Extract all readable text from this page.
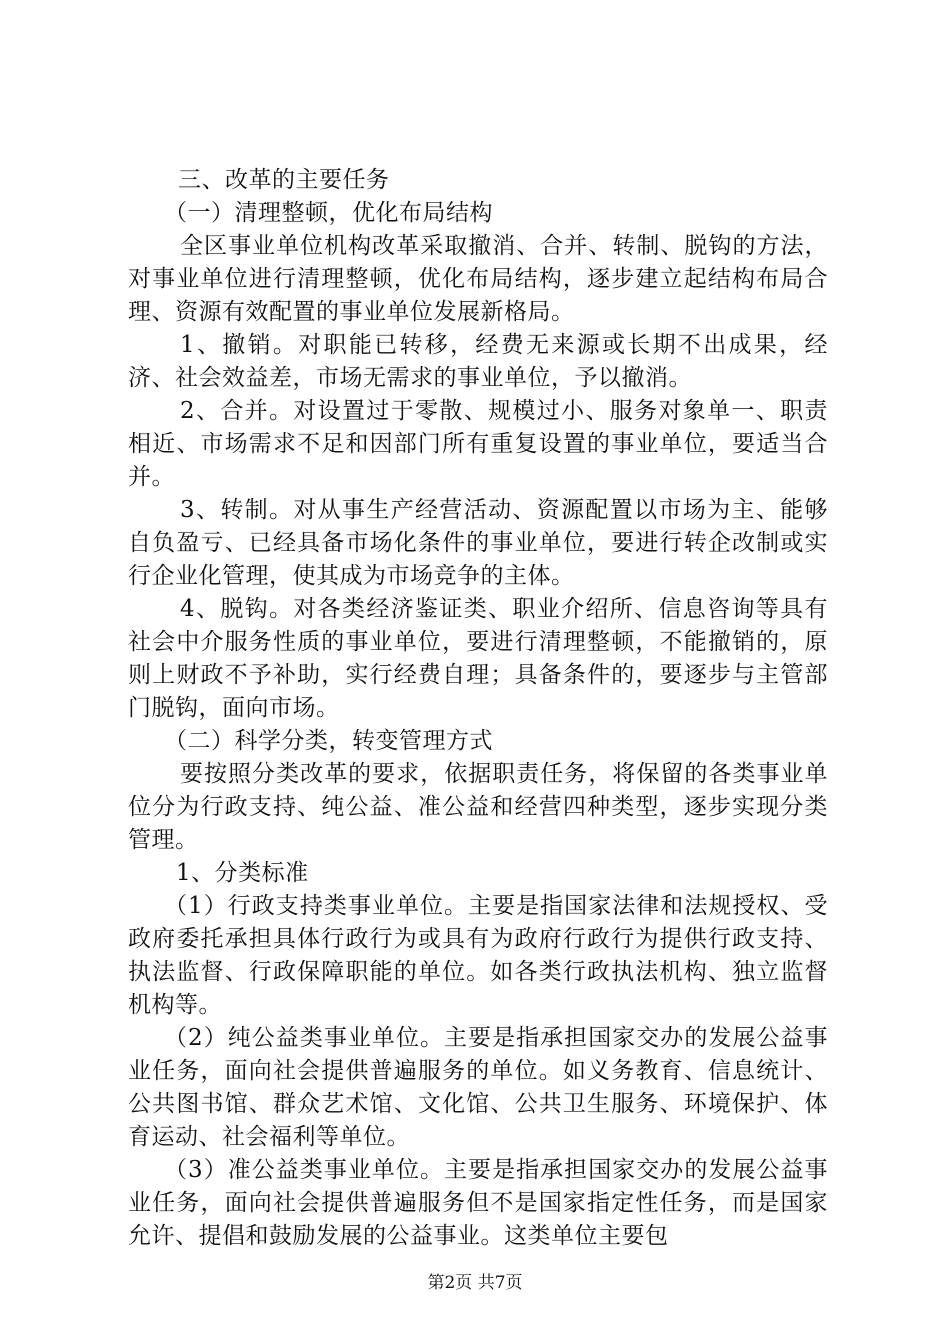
三、改革的主要任务

（一）清理整顿，优化布局结构

全区事业单位机构改革采取撤消、合并、转制、脱钩的方法，对事业单位进行清理整顿，优化布局结构，逐步建立起结构布局合理、资源有效配置的事业单位发展新格局。

1、撤销。对职能已转移，经费无来源或长期不出成果，经济、社会效益差，市场无需求的事业单位，予以撤消。

2、合并。对设置过于零散、规模过小、服务对象单一、职责相近、市场需求不足和因部门所有重复设置的事业单位，要适当合并。

3、转制。对从事生产经营活动、资源配置以市场为主、能够自负盈亏、已经具备市场化条件的事业单位，要进行转企改制或实行企业化管理，使其成为市场竞争的主体。

4、脱钩。对各类经济鉴证类、职业介绍所、信息咨询等具有社会中介服务性质的事业单位，要进行清理整顿，不能撤销的，原则上财政不予补助，实行经费自理；具备条件的，要逐步与主管部门脱钩，面向市场。

（二）科学分类，转变管理方式

要按照分类改革的要求，依据职责任务，将保留的各类事业单位分为行政支持、纯公益、准公益和经营四种类型，逐步实现分类管理。

1、分类标准

（1）行政支持类事业单位。主要是指国家法律和法规授权、受政府委托承担具体行政行为或具有为政府行政行为提供行政支持、执法监督、行政保障职能的单位。如各类行政执法机构、独立监督机构等。

（2）纯公益类事业单位。主要是指承担国家交办的发展公益事业任务，面向社会提供普遍服务的单位。如义务教育、信息统计、公共图书馆、群众艺术馆、文化馆、公共卫生服务、环境保护、体育运动、社会福利等单位。

（3）准公益类事业单位。主要是指承担国家交办的发展公益事业任务，面向社会提供普遍服务但不是国家指定性任务，而是国家允许、提倡和鼓励发展的公益事业。这类单位主要包

第2页 共7页
